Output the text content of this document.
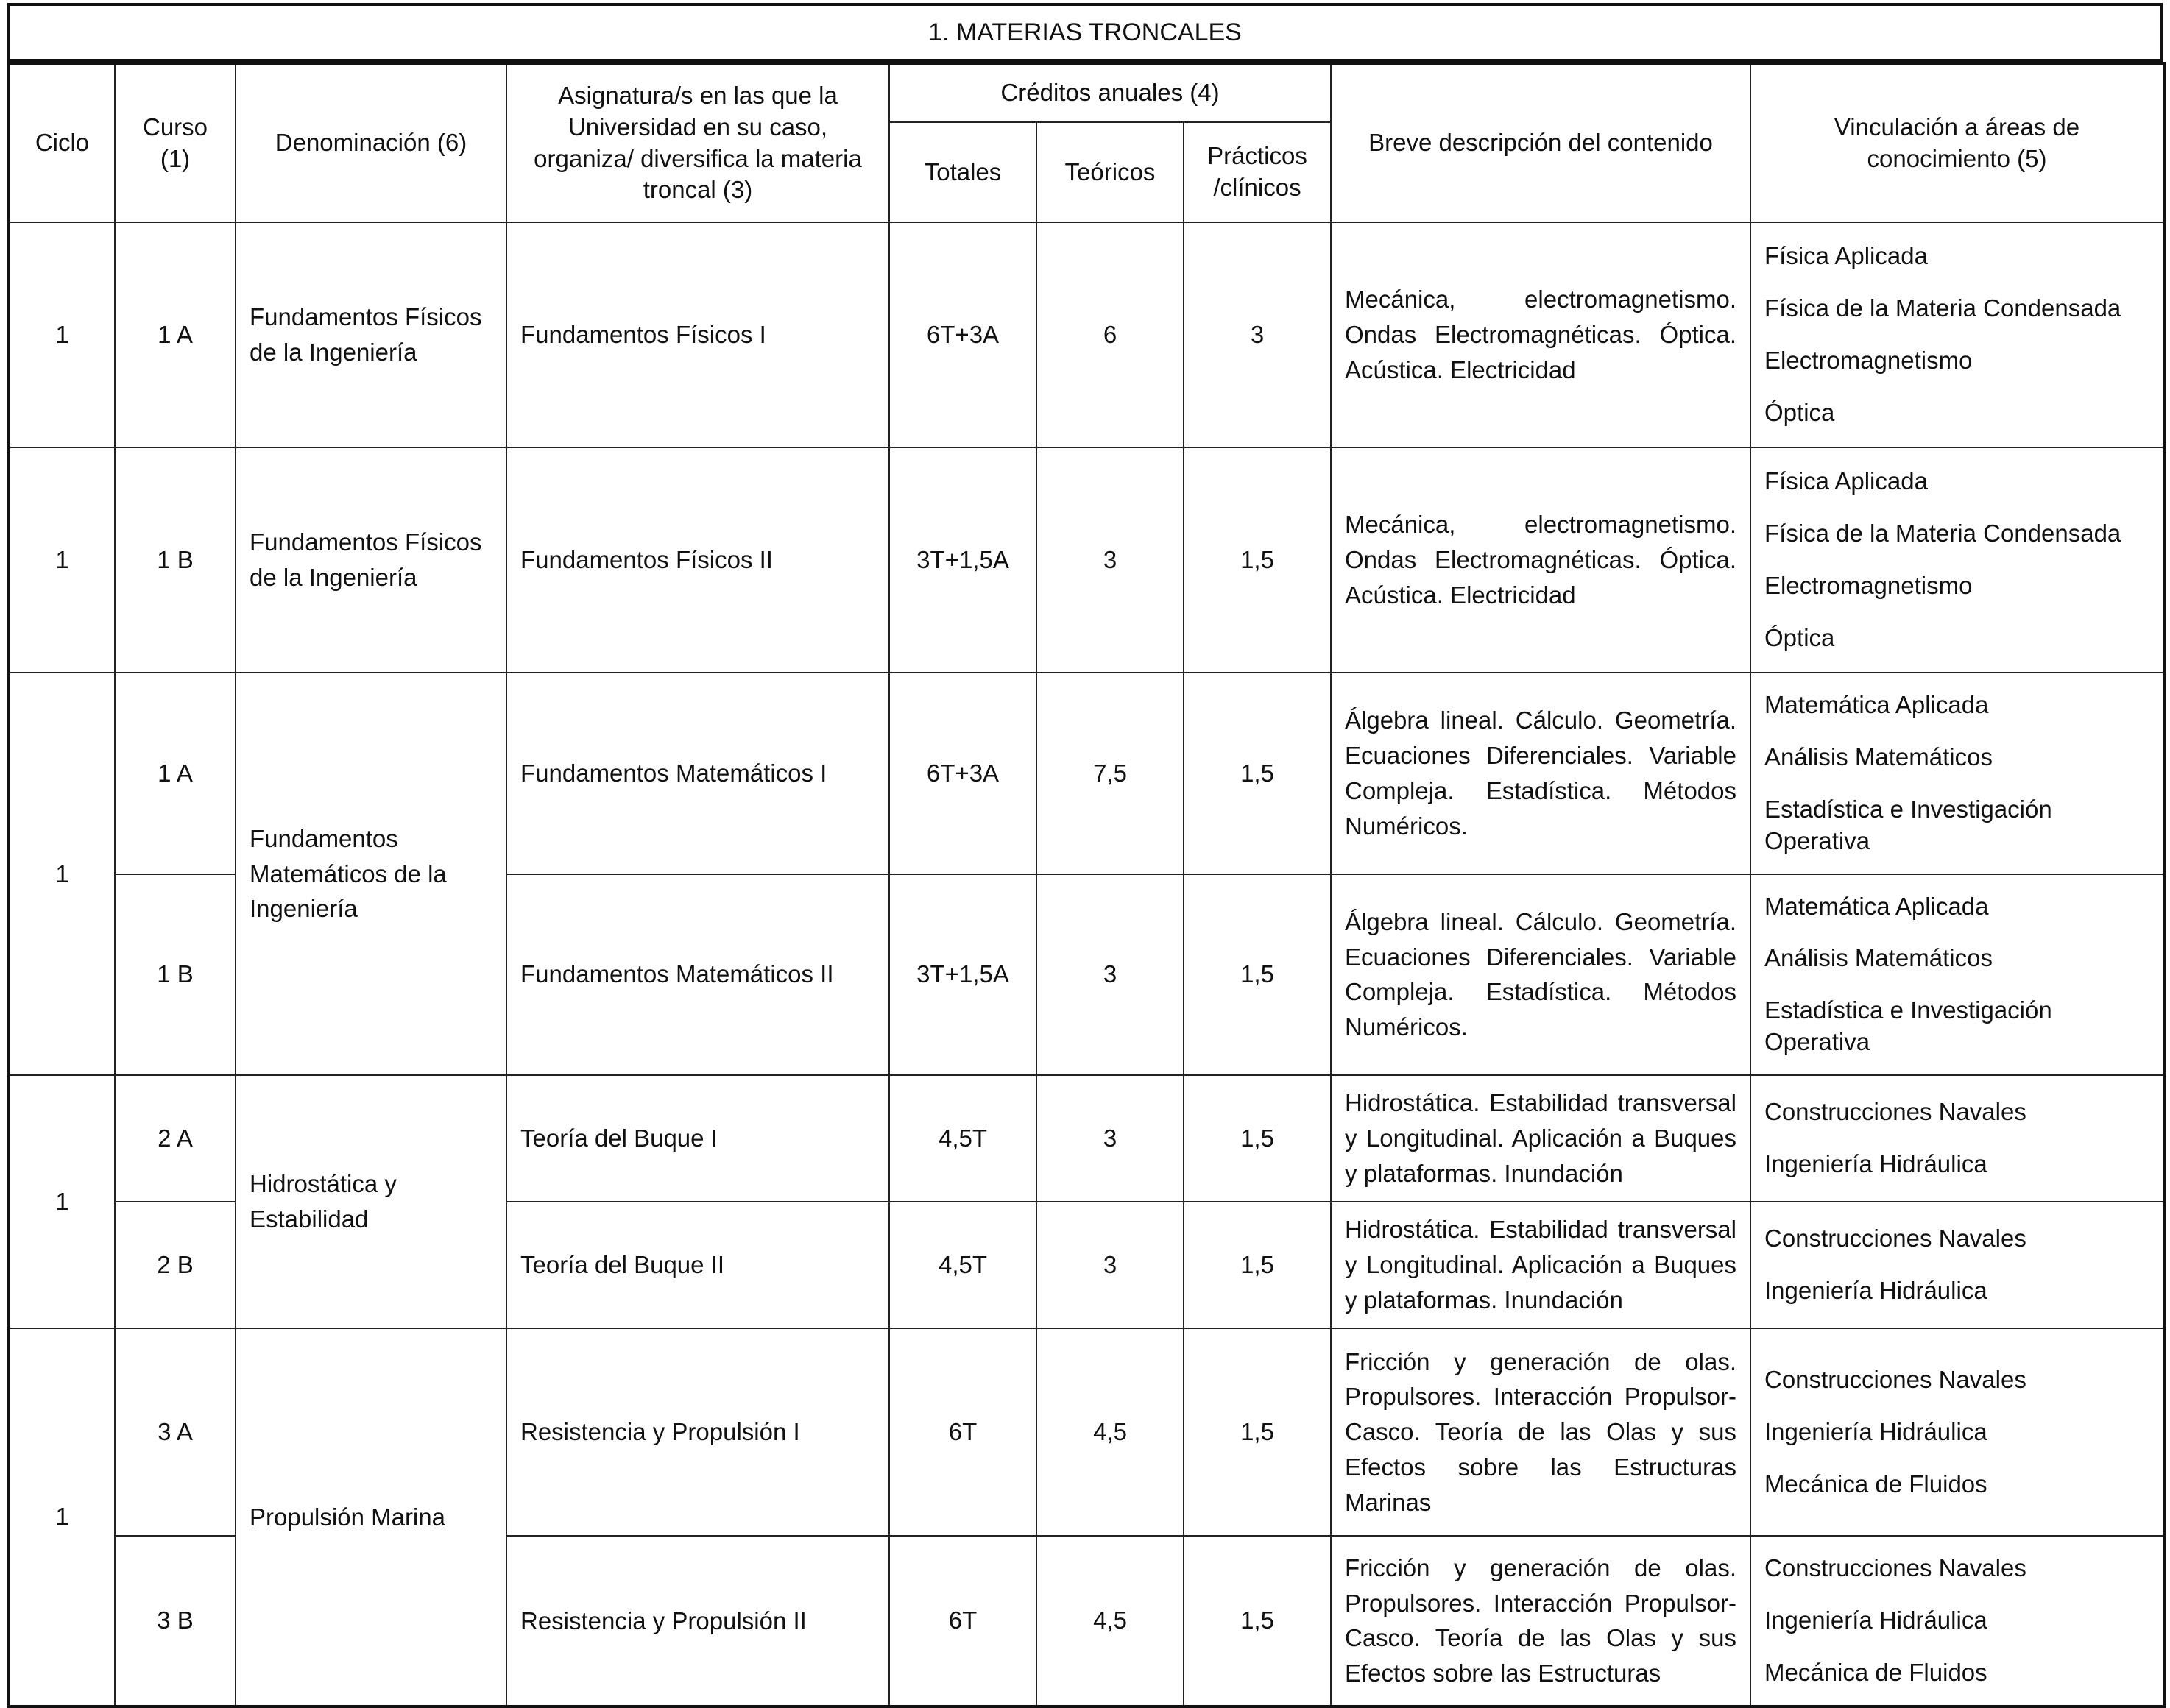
1. MATERIAS TRONCALES
Ciclo	Curso (1)	Denominación (6)	Asignatura/s en las que la Universidad en su caso, organiza/ diversifica la materia troncal (3)	Créditos anuales (4)			Breve descripción del contenido	Vinculación a áreas de conocimiento (5)
				Totales	Teóricos	Prácticos /clínicos		
1	1 A	Fundamentos Físicos de la Ingeniería	Fundamentos Físicos I	6T+3A	6	3	Mecánica, electromagnetismo. Ondas Electromagnéticas. Óptica. Acústica. Electricidad	Física Aplicada
Física de la Materia Condensada
Electromagnetismo
Óptica

1	1 B	Fundamentos Físicos de la Ingeniería	Fundamentos Físicos II	3T+1,5A	3	1,5	Mecánica, electromagnetismo. Ondas Electromagnéticas. Óptica. Acústica. Electricidad	Física Aplicada
Física de la Materia Condensada
Electromagnetismo
Óptica

1	1 A	Fundamentos Matemáticos de la Ingeniería	Fundamentos Matemáticos I	6T+3A	7,5	1,5	Álgebra lineal. Cálculo. Geometría. Ecuaciones Diferenciales. Variable Compleja. Estadística. Métodos Numéricos.	Matemática Aplicada
Análisis Matemáticos
Estadística e Investigación Operativa

	1 B		Fundamentos Matemáticos II	3T+1,5A	3	1,5	Álgebra lineal. Cálculo. Geometría. Ecuaciones Diferenciales. Variable Compleja. Estadística. Métodos Numéricos.	Matemática Aplicada
Análisis Matemáticos
Estadística e Investigación Operativa

1	2 A	Hidrostática y Estabilidad	Teoría del Buque I	4,5T	3	1,5	Hidrostática. Estabilidad transversal y Longitudinal. Aplicación a Buques y plataformas. Inundación	Construcciones Navales
Ingeniería Hidráulica

	2 B		Teoría del Buque II	4,5T	3	1,5	Hidrostática. Estabilidad transversal y Longitudinal. Aplicación a Buques y plataformas. Inundación	Construcciones Navales
Ingeniería Hidráulica

1	3 A	Propulsión Marina	Resistencia y Propulsión I	6T	4,5	1,5	Fricción y generación de olas. Propulsores. Interacción Propulsor-Casco. Teoría de las Olas y sus Efectos sobre las Estructuras Marinas	Construcciones Navales
Ingeniería Hidráulica
Mecánica de Fluidos

	3 B		Resistencia y Propulsión II	6T	4,5	1,5	Fricción y generación de olas. Propulsores. Interacción Propulsor-Casco. Teoría de las Olas y sus Efectos sobre las Estructuras	Construcciones Navales
Ingeniería Hidráulica
Mecánica de Fluidos
